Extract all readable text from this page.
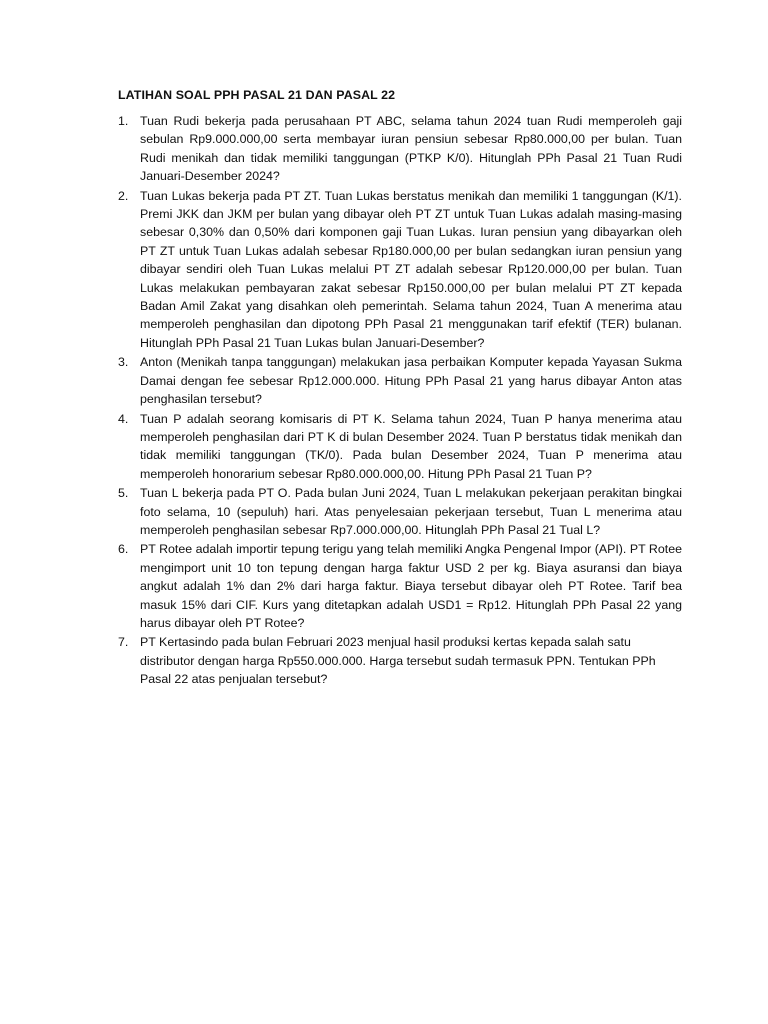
LATIHAN SOAL PPH PASAL 21 DAN PASAL 22
1. Tuan Rudi bekerja pada perusahaan PT ABC, selama tahun 2024 tuan Rudi memperoleh gaji sebulan Rp9.000.000,00 serta membayar iuran pensiun sebesar Rp80.000,00 per bulan. Tuan Rudi menikah dan tidak memiliki tanggungan (PTKP K/0). Hitunglah PPh Pasal 21 Tuan Rudi Januari-Desember 2024?
2. Tuan Lukas bekerja pada PT ZT. Tuan Lukas berstatus menikah dan memiliki 1 tanggungan (K/1). Premi JKK dan JKM per bulan yang dibayar oleh PT ZT untuk Tuan Lukas adalah masing-masing sebesar 0,30% dan 0,50% dari komponen gaji Tuan Lukas. Iuran pensiun yang dibayarkan oleh PT ZT untuk Tuan Lukas adalah sebesar Rp180.000,00 per bulan sedangkan iuran pensiun yang dibayar sendiri oleh Tuan Lukas melalui PT ZT adalah sebesar Rp120.000,00 per bulan. Tuan Lukas melakukan pembayaran zakat sebesar Rp150.000,00 per bulan melalui PT ZT kepada Badan Amil Zakat yang disahkan oleh pemerintah. Selama tahun 2024, Tuan A menerima atau memperoleh penghasilan dan dipotong PPh Pasal 21 menggunakan tarif efektif (TER) bulanan. Hitunglah PPh Pasal 21 Tuan Lukas bulan Januari-Desember?
3. Anton (Menikah tanpa tanggungan) melakukan jasa perbaikan Komputer kepada Yayasan Sukma Damai dengan fee sebesar Rp12.000.000. Hitung PPh Pasal 21 yang harus dibayar Anton atas penghasilan tersebut?
4. Tuan P adalah seorang komisaris di PT K. Selama tahun 2024, Tuan P hanya menerima atau memperoleh penghasilan dari PT K di bulan Desember 2024. Tuan P berstatus tidak menikah dan tidak memiliki tanggungan (TK/0). Pada bulan Desember 2024, Tuan P menerima atau memperoleh honorarium sebesar Rp80.000.000,00. Hitung PPh Pasal 21 Tuan P?
5. Tuan L bekerja pada PT O. Pada bulan Juni 2024, Tuan L melakukan pekerjaan perakitan bingkai foto selama, 10 (sepuluh) hari. Atas penyelesaian pekerjaan tersebut, Tuan L menerima atau memperoleh penghasilan sebesar Rp7.000.000,00. Hitunglah PPh Pasal 21 Tual L?
6. PT Rotee adalah importir tepung terigu yang telah memiliki Angka Pengenal Impor (API). PT Rotee mengimport unit 10 ton tepung dengan harga faktur USD 2 per kg. Biaya asuransi dan biaya angkut adalah 1% dan 2% dari harga faktur. Biaya tersebut dibayar oleh PT Rotee. Tarif bea masuk 15% dari CIF. Kurs yang ditetapkan adalah USD1 = Rp12. Hitunglah PPh Pasal 22 yang harus dibayar oleh PT Rotee?
7. PT Kertasindo pada bulan Februari 2023 menjual hasil produksi kertas kepada salah satu distributor dengan harga Rp550.000.000. Harga tersebut sudah termasuk PPN. Tentukan PPh Pasal 22 atas penjualan tersebut?
